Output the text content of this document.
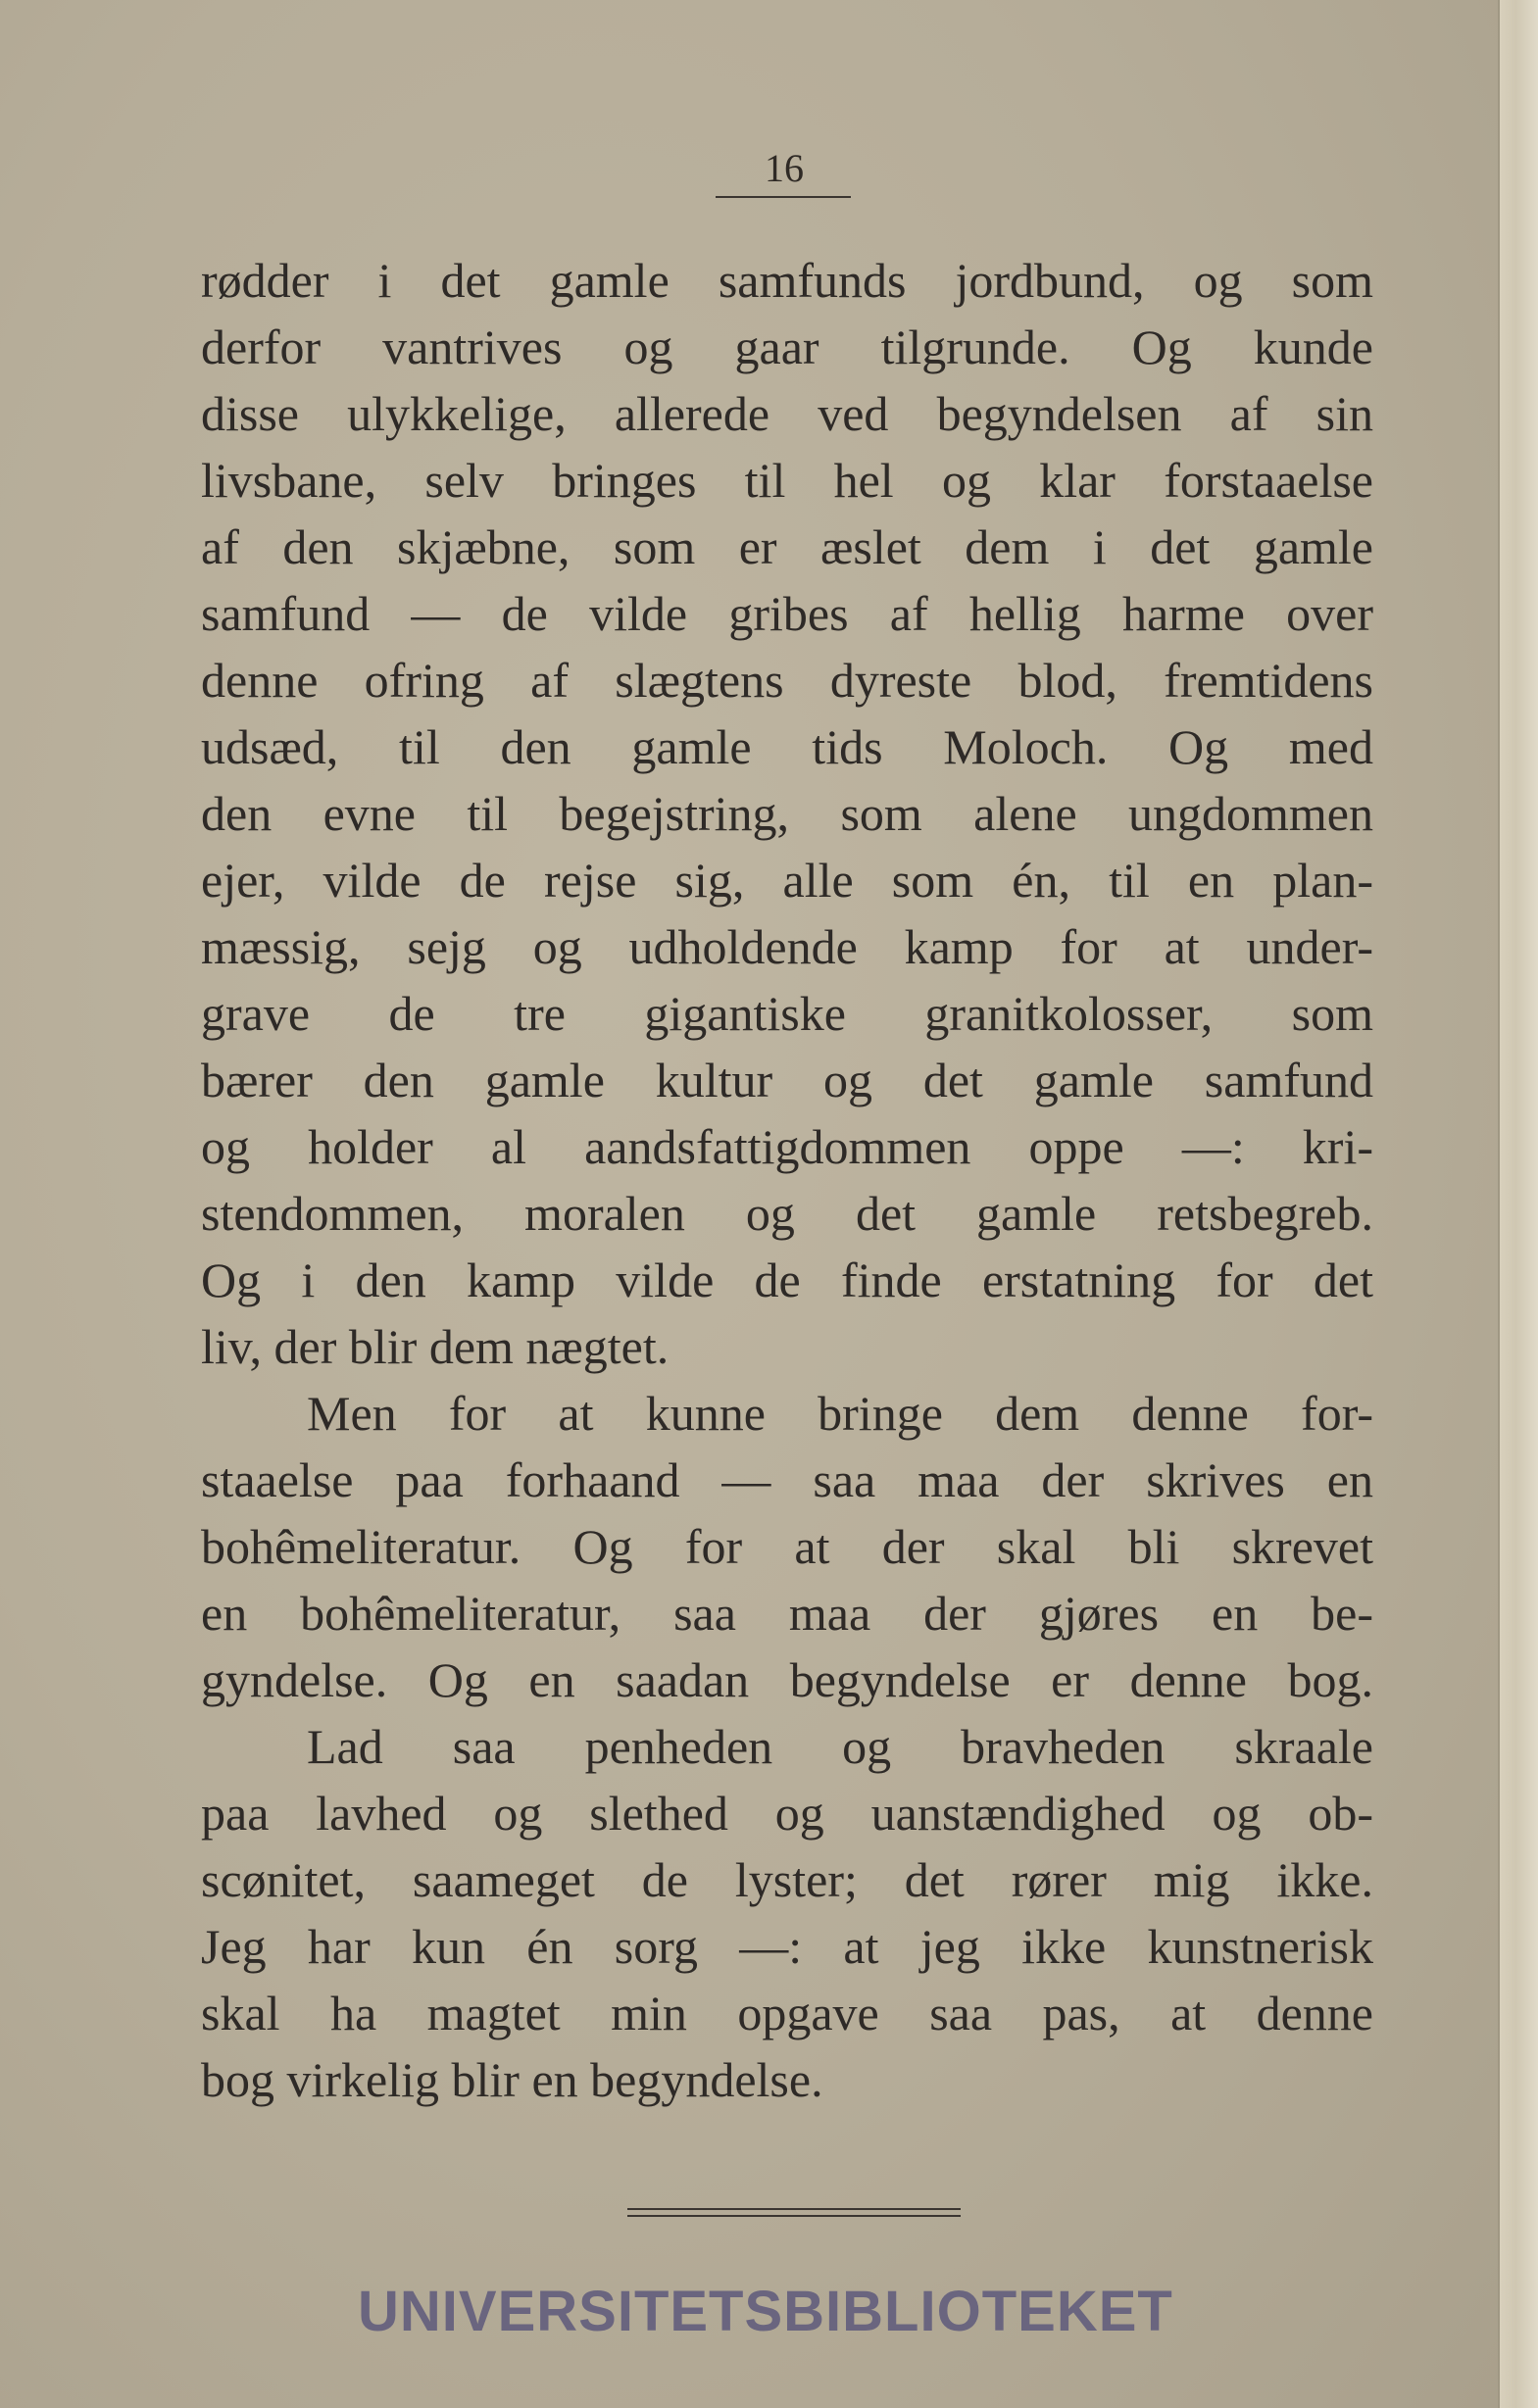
16
rødder i det gamle samfunds jordbund, og som
derfor vantrives og gaar tilgrunde. Og kunde
disse ulykkelige, allerede ved begyndelsen af sin
livsbane, selv bringes til hel og klar forstaaelse
af den skjæbne, som er æslet dem i det gamle
samfund — de vilde gribes af hellig harme over
denne ofring af slægtens dyreste blod, fremtidens
udsæd, til den gamle tids Moloch. Og med
den evne til begejstring, som alene ungdommen
ejer, vilde de rejse sig, alle som én, til en plan-
mæssig, sejg og udholdende kamp for at under-
grave de tre gigantiske granitkolosser, som
bærer den gamle kultur og det gamle samfund
og holder al aandsfattigdommen oppe —: kri-
stendommen, moralen og det gamle retsbegreb.
Og i den kamp vilde de finde erstatning for det
liv, der blir dem nægtet.
Men for at kunne bringe dem denne for-
staaelse paa forhaand — saa maa der skrives en
bohêmeliteratur. Og for at der skal bli skrevet
en bohêmeliteratur, saa maa der gjøres en be-
gyndelse. Og en saadan begyndelse er denne bog.
Lad saa penheden og bravheden skraale
paa lavhed og slethed og uanstændighed og ob-
scønitet, saameget de lyster; det rører mig ikke.
Jeg har kun én sorg —: at jeg ikke kunstnerisk
skal ha magtet min opgave saa pas, at denne
bog virkelig blir en begyndelse.
UNIVERSITETSBIBLIOTEKET
